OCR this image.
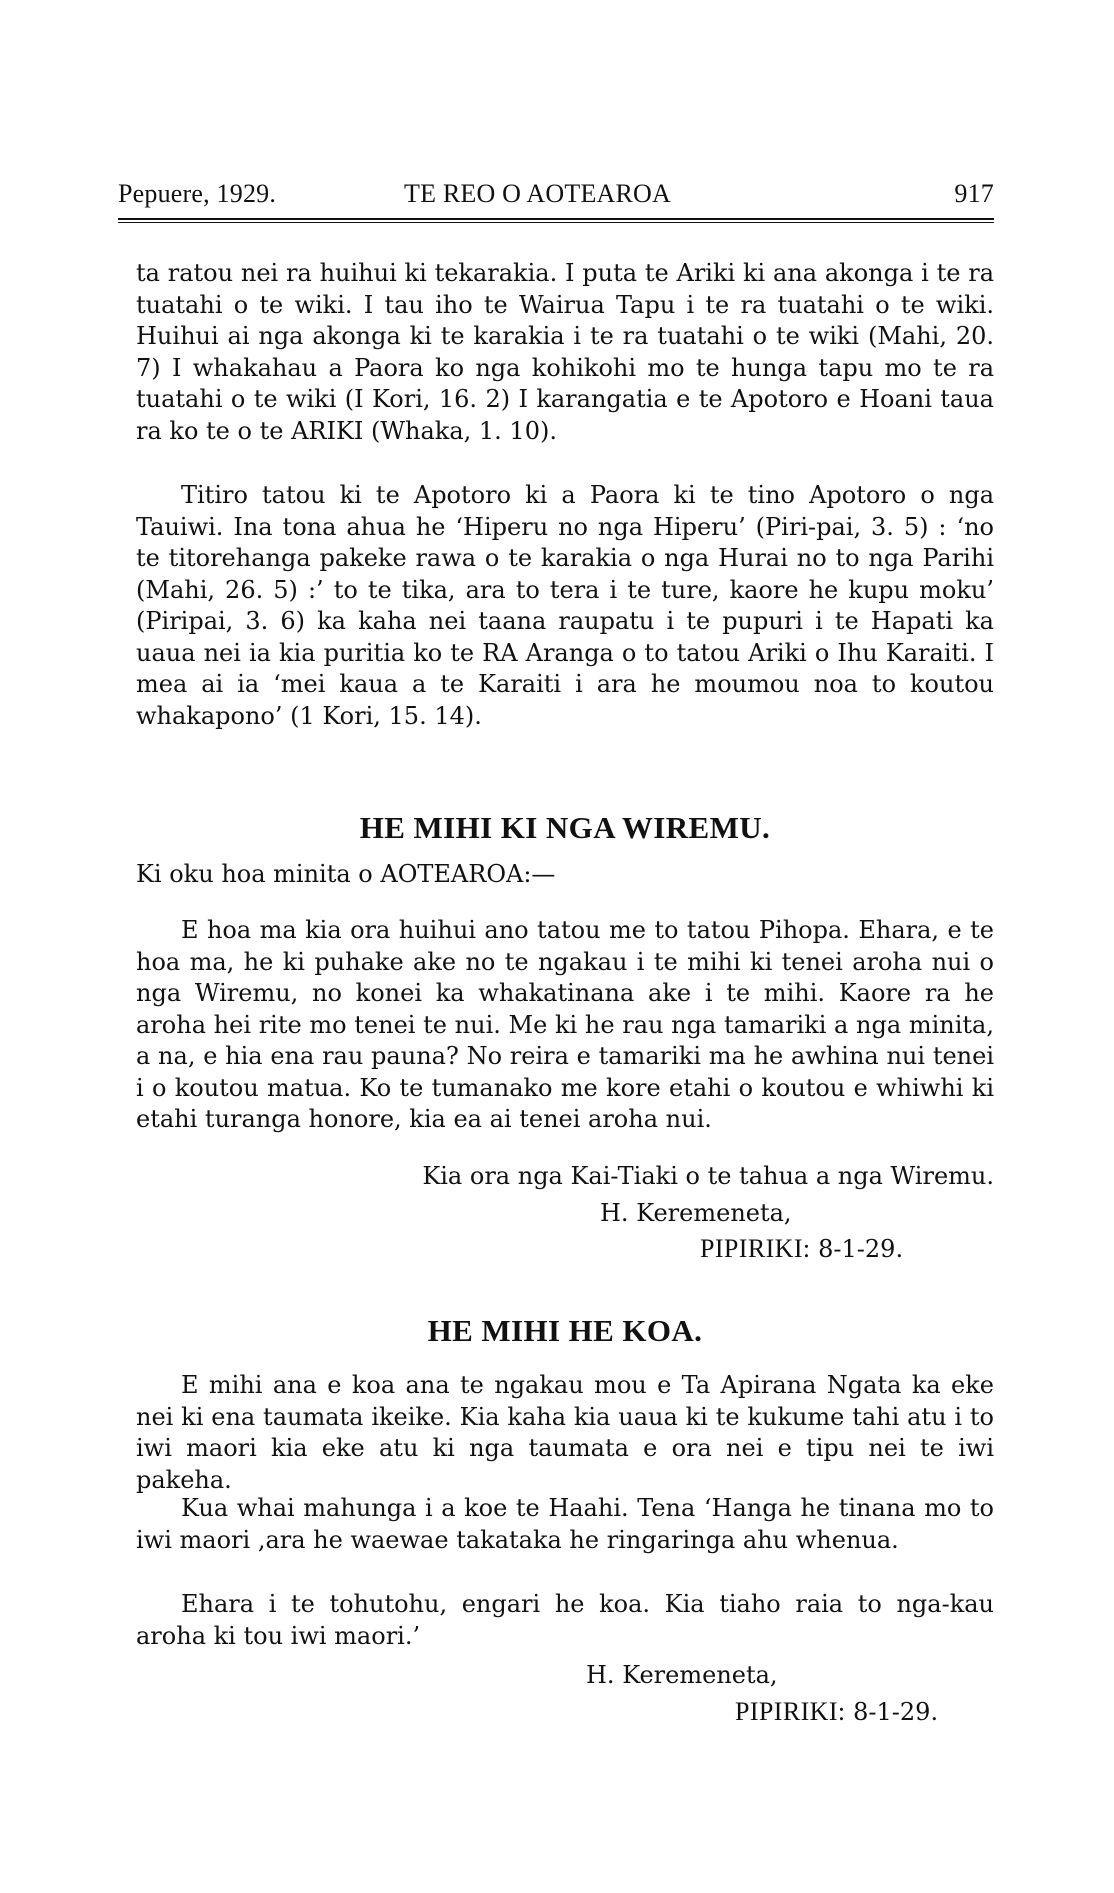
Pepuere, 1929.	TE REO O AOTEAROA	917

ta ratou nei ra huihui ki tekarakia. I puta te Ariki ki ana akonga i te ra tuatahi o te wiki. I tau iho te Wairua Tapu i te ra tuatahi o te wiki. Huihui ai nga akonga ki te karakia i te ra tuatahi o te wiki (Mahi, 20. 7) I whakahau a Paora ko nga kohikohi mo te hunga tapu mo te ra tuatahi o te wiki (I Kori, 16. 2) I karangatia e te Apotoro e Hoani taua ra ko te o te ARIKI (Whaka, 1. 10).

Titiro tatou ki te Apotoro ki a Paora ki te tino Apotoro o nga Tauiwi. Ina tona ahua he ‘Hiperu no nga Hiperu’ (Piri-pai, 3. 5) : ‘no te titorehanga pakeke rawa o te karakia o nga Hurai no to nga Parihi (Mahi, 26. 5) :’ to te tika, ara to tera i te ture, kaore he kupu moku’ (Piripai, 3. 6) ka kaha nei taana raupatu i te pupuri i te Hapati ka uaua nei ia kia puritia ko te RA Aranga o to tatou Ariki o Ihu Karaiti. I mea ai ia ‘mei kaua a te Karaiti i ara he moumou noa to koutou whakapono’ (1 Kori, 15. 14).

HE MIHI KI NGA WIREMU.

Ki oku hoa minita o AOTEAROA:—

E hoa ma kia ora huihui ano tatou me to tatou Pihopa. Ehara, e te hoa ma, he ki puhake ake no te ngakau i te mihi ki tenei aroha nui o nga Wiremu, no konei ka whakatinana ake i te mihi. Kaore ra he aroha hei rite mo tenei te nui. Me ki he rau nga tamariki a nga minita, a na, e hia ena rau pauna? No reira e tamariki ma he awhina nui tenei i o koutou matua. Ko te tumanako me kore etahi o koutou e whiwhi ki etahi turanga honore, kia ea ai tenei aroha nui.

Kia ora nga Kai-Tiaki o te tahua a nga Wiremu.

H. Keremeneta,

PIPIRIKI: 8-1-29.

HE MIHI HE KOA.

E mihi ana e koa ana te ngakau mou e Ta Apirana Ngata ka eke nei ki ena taumata ikeike. Kia kaha kia uaua ki te kukume tahi atu i to iwi maori kia eke atu ki nga taumata e ora nei e tipu nei te iwi pakeha.

Kua whai mahunga i a koe te Haahi. Tena ‘Hanga he tinana mo to iwi maori ,ara he waewae takataka he ringaringa ahu whenua.

Ehara i te tohutohu, engari he koa. Kia tiaho raia to nga-kau aroha ki tou iwi maori.’

H. Keremeneta,

PIPIRIKI: 8-1-29.
